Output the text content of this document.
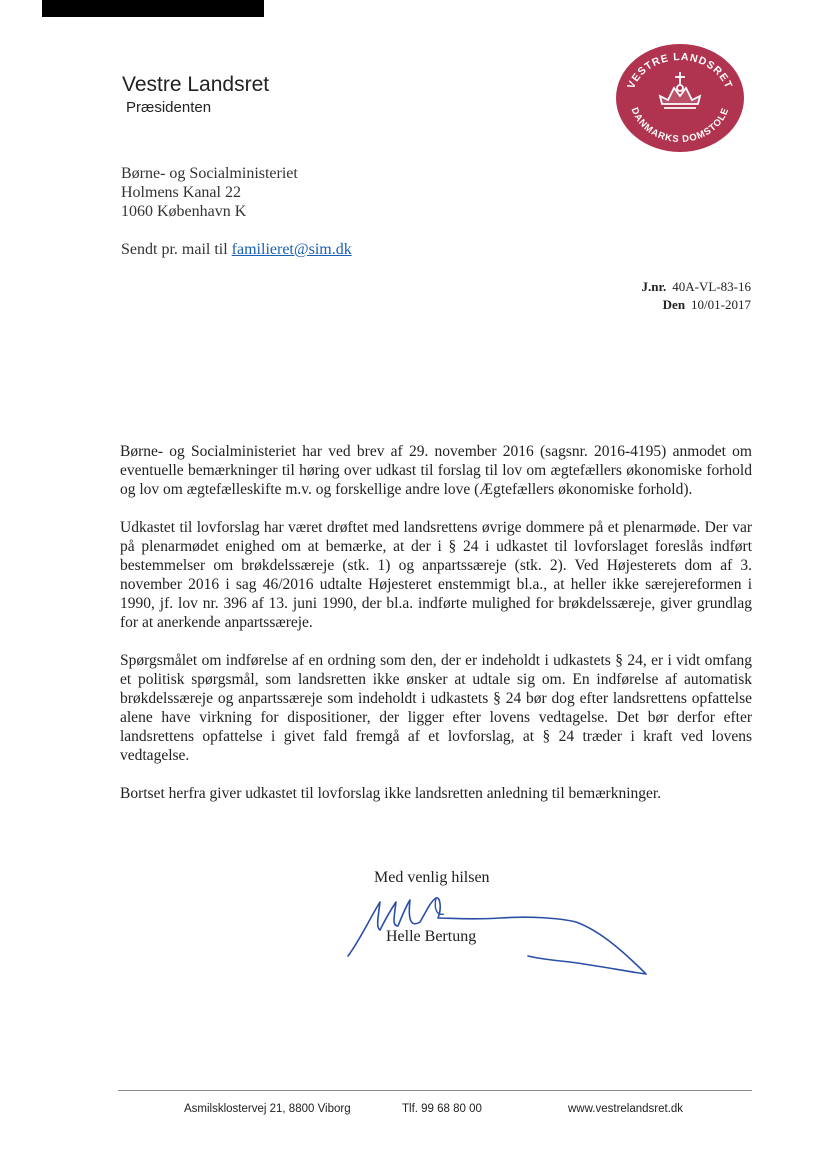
Vestre Landsret
Præsidenten
VESTRE LANDSRET
DANMARKS DOMSTOLE
Børne- og Socialministeriet
Holmens Kanal 22
1060 København K
Sendt pr. mail til familieret@sim.dk
J.nr. 40A-VL-83-16
Den 10/01-2017

Børne- og Socialministeriet har ved brev af 29. november 2016 (sagsnr. 2016-4195) anmodet om eventuelle bemærkninger til høring over udkast til forslag til lov om ægtefællers økonomiske forhold og lov om ægtefælleskifte m.v. og forskellige andre love (Ægtefællers økonomiske forhold).

Udkastet til lovforslag har været drøftet med landsrettens øvrige dommere på et plenarmøde. Der var på plenarmødet enighed om at bemærke, at der i § 24 i udkastet til lovforslaget foreslås indført bestemmelser om brøkdelssæreje (stk. 1) og anpartssæreje (stk. 2). Ved Højesterets dom af 3. november 2016 i sag 46/2016 udtalte Højesteret enstemmigt bl.a., at heller ikke særejereformen i 1990, jf. lov nr. 396 af 13. juni 1990, der bl.a. indførte mulighed for brøkdelssæreje, giver grundlag for at anerkende anpartssæreje.

Spørgsmålet om indførelse af en ordning som den, der er indeholdt i udkastets § 24, er i vidt omfang et politisk spørgsmål, som landsretten ikke ønsker at udtale sig om. En indførelse af automatisk brøkdelssæreje og anpartssæreje som indeholdt i udkastets § 24 bør dog efter landsrettens opfattelse alene have virkning for dispositioner, der ligger efter lovens vedtagelse. Det bør derfor efter landsrettens opfattelse i givet fald fremgå af et lovforslag, at § 24 træder i kraft ved lovens vedtagelse.

Bortset herfra giver udkastet til lovforslag ikke landsretten anledning til bemærkninger.

Med venlig hilsen
Helle Bertung
Asmilsklostervej 21, 8800 Viborg	Tlf. 99 68 80 00	www.vestrelandsret.dk
